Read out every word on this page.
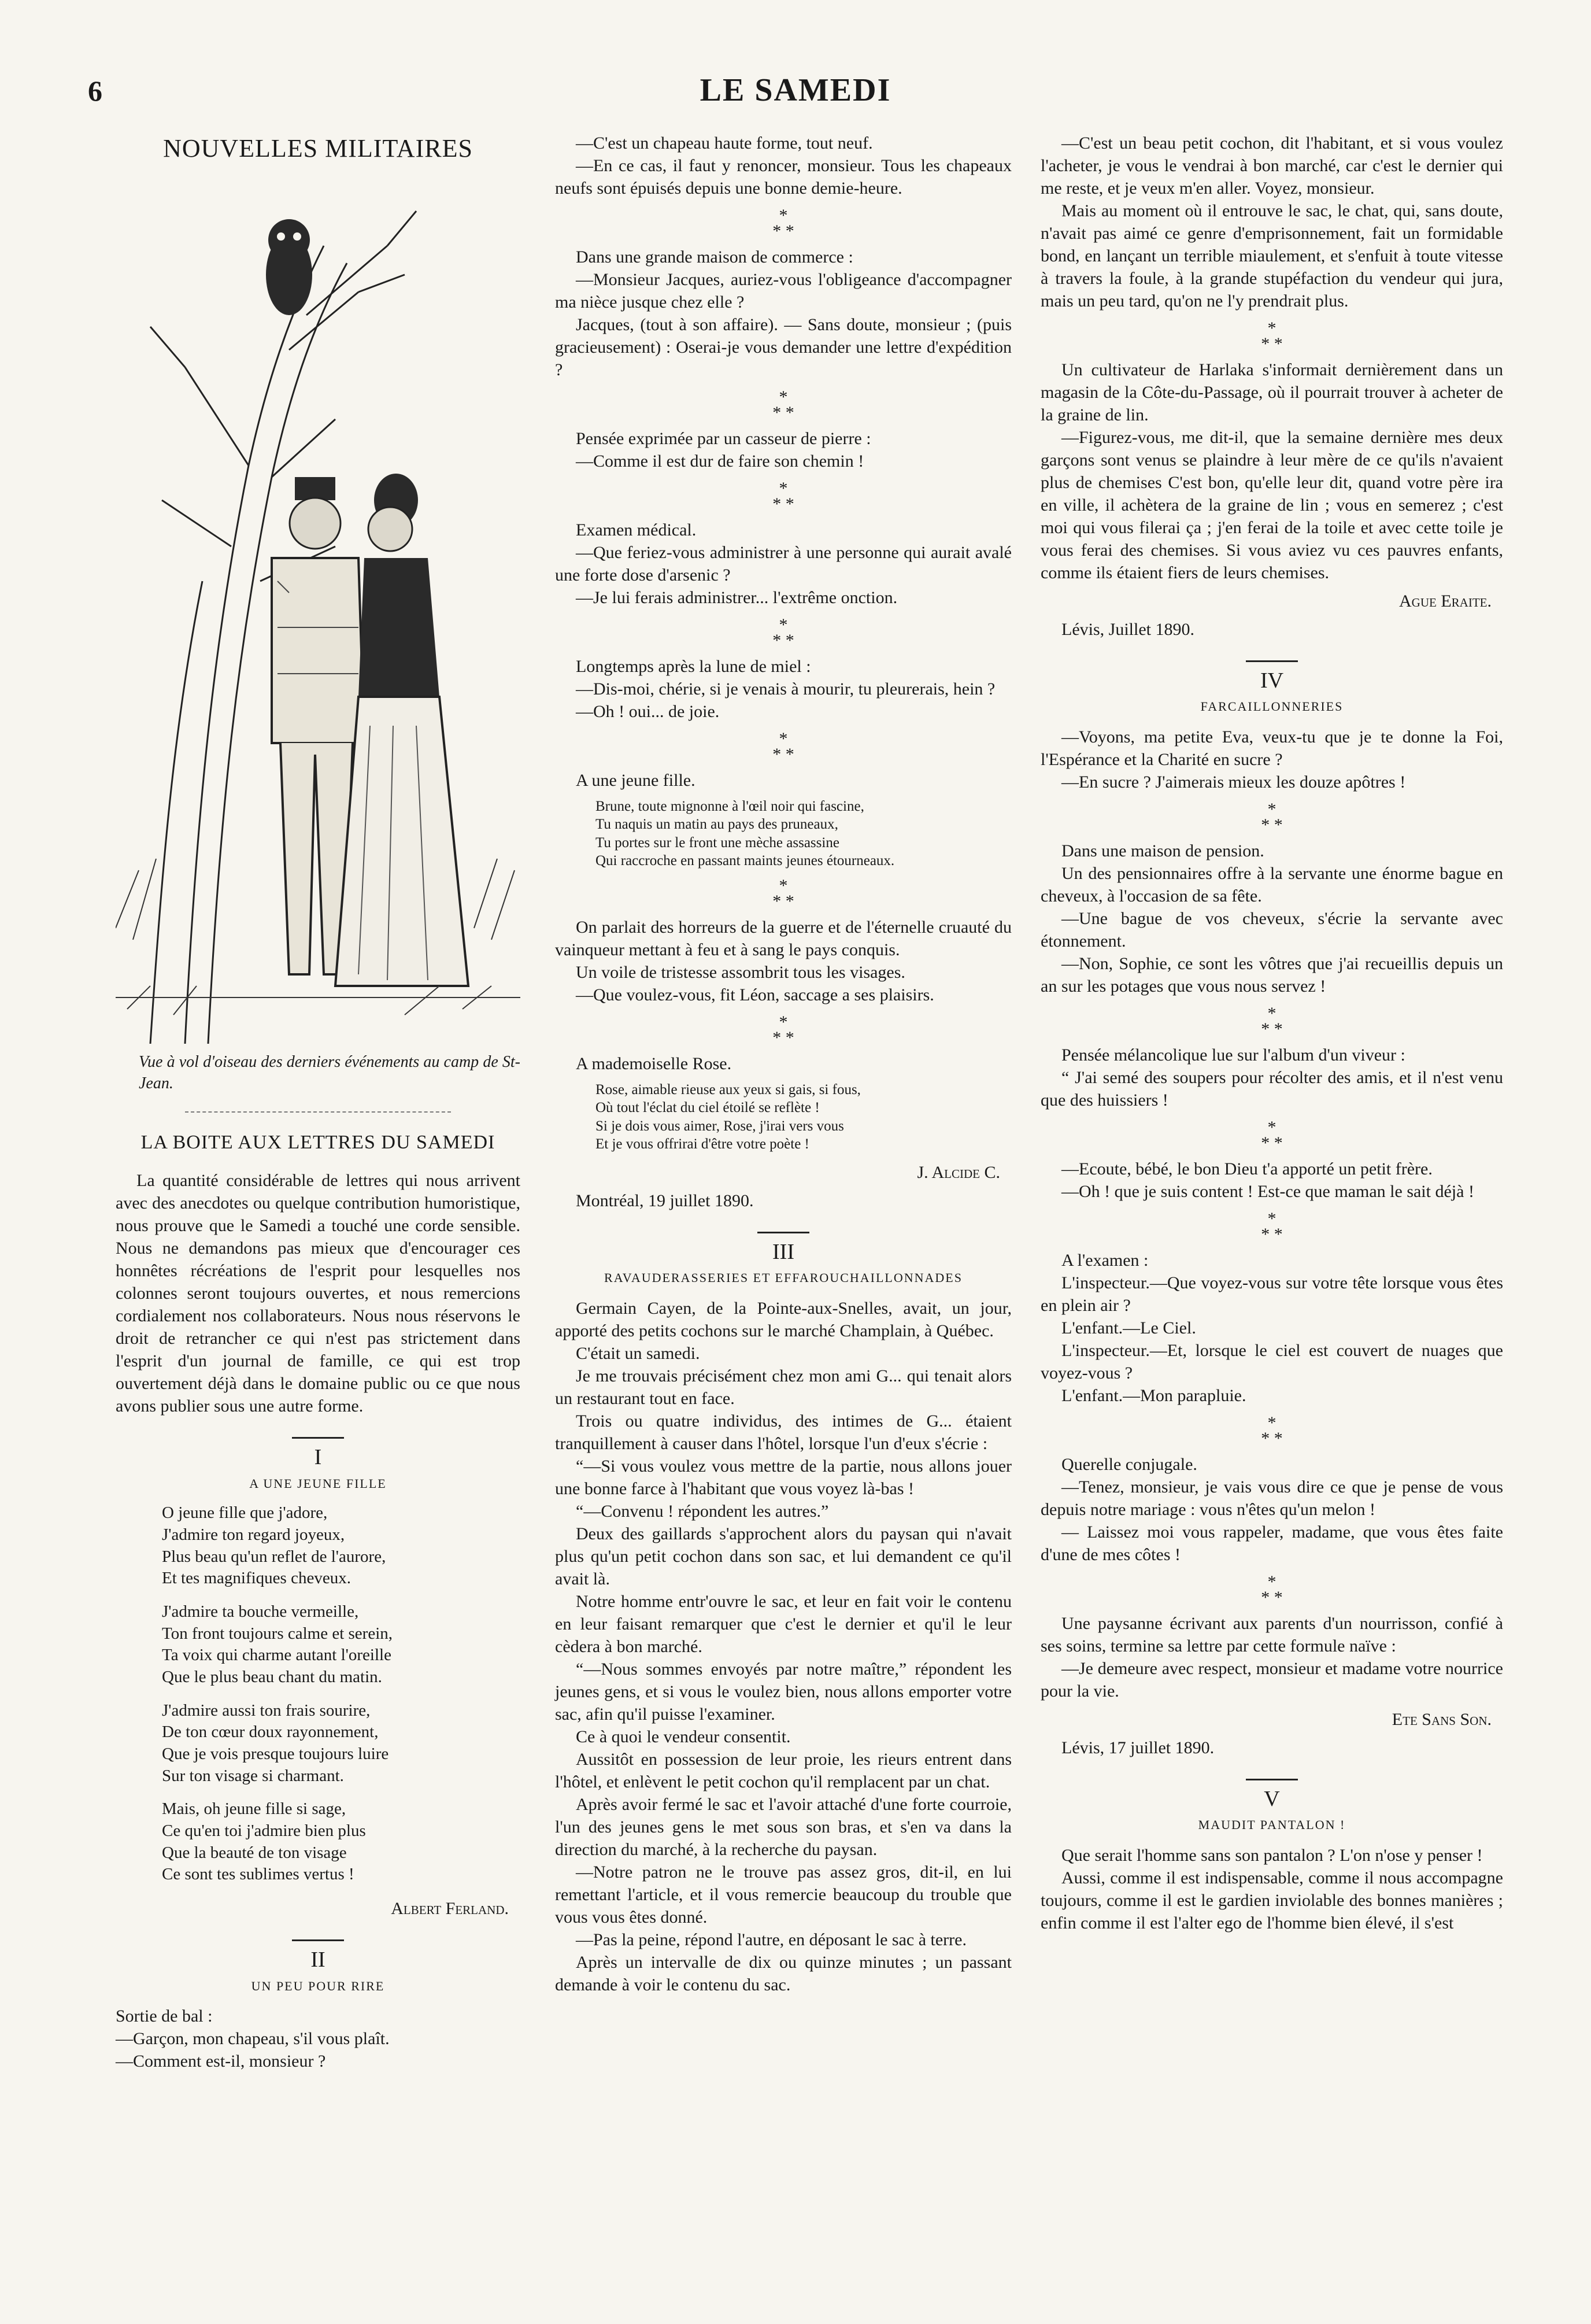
6	LE SAMEDI
NOUVELLES MILITAIRES
Vue à vol d'oiseau des derniers événements au camp de St-Jean.
LA BOITE AUX LETTRES DU SAMEDI

La quantité considérable de lettres qui nous arrivent avec des anecdotes ou quelque contribution humoristique, nous prouve que le Samedi a touché une corde sensible. Nous ne demandons pas mieux que d'encourager ces honnêtes récréations de l'esprit pour lesquelles nos colonnes seront toujours ouvertes, et nous remercions cordialement nos collaborateurs. Nous nous réservons le droit de retrancher ce qui n'est pas strictement dans l'esprit d'un journal de famille, ce qui est trop ouvertement déjà dans le domaine public ou ce que nous avons publier sous une autre forme.

I
A UNE JEUNE FILLE
O jeune fille que j'adore,
J'admire ton regard joyeux,
Plus beau qu'un reflet de l'aurore,
Et tes magnifiques cheveux.
J'admire ta bouche vermeille,
Ton front toujours calme et serein,
Ta voix qui charme autant l'oreille
Que le plus beau chant du matin.
J'admire aussi ton frais sourire,
De ton cœur doux rayonnement,
Que je vois presque toujours luire
Sur ton visage si charmant.
Mais, oh jeune fille si sage,
Ce qu'en toi j'admire bien plus
Que la beauté de ton visage
Ce sont tes sublimes vertus !
Albert Ferland.
II
UN PEU POUR RIRE

Sortie de bal :

—Garçon, mon chapeau, s'il vous plaît.

—Comment est-il, monsieur ?

—C'est un chapeau haute forme, tout neuf.

—En ce cas, il faut y renoncer, monsieur. Tous les chapeaux neufs sont épuisés depuis une bonne demie-heure.

*
* *

Dans une grande maison de commerce :

—Monsieur Jacques, auriez-vous l'obligeance d'accompagner ma nièce jusque chez elle ?

Jacques, (tout à son affaire). — Sans doute, monsieur ; (puis gracieusement) : Oserai-je vous demander une lettre d'expédition ?

*
* *

Pensée exprimée par un casseur de pierre :

—Comme il est dur de faire son chemin !

*
* *

Examen médical.

—Que feriez-vous administrer à une personne qui aurait avalé une forte dose d'arsenic ?

—Je lui ferais administrer... l'extrême onction.

*
* *

Longtemps après la lune de miel :

—Dis-moi, chérie, si je venais à mourir, tu pleurerais, hein ?

—Oh ! oui... de joie.

*
* *

A une jeune fille.

Brune, toute mignonne à l'œil noir qui fascine,
Tu naquis un matin au pays des pruneaux,
Tu portes sur le front une mèche assassine
Qui raccroche en passant maints jeunes étourneaux.
*
* *

On parlait des horreurs de la guerre et de l'éternelle cruauté du vainqueur mettant à feu et à sang le pays conquis.

Un voile de tristesse assombrit tous les visages.

—Que voulez-vous, fit Léon, saccage a ses plaisirs.

*
* *

A mademoiselle Rose.

Rose, aimable rieuse aux yeux si gais, si fous,
Où tout l'éclat du ciel étoilé se reflète !
Si je dois vous aimer, Rose, j'irai vers vous
Et je vous offrirai d'être votre poète !
J. Alcide C.

Montréal, 19 juillet 1890.

III
RAVAUDERASSERIES ET EFFAROUCHAILLONNADES

Germain Cayen, de la Pointe-aux-Snelles, avait, un jour, apporté des petits cochons sur le marché Champlain, à Québec.

C'était un samedi.

Je me trouvais précisément chez mon ami G... qui tenait alors un restaurant tout en face.

Trois ou quatre individus, des intimes de G... étaient tranquillement à causer dans l'hôtel, lorsque l'un d'eux s'écrie :

“—Si vous voulez vous mettre de la partie, nous allons jouer une bonne farce à l'habitant que vous voyez là-bas !

“—Convenu ! répondent les autres.”

Deux des gaillards s'approchent alors du paysan qui n'avait plus qu'un petit cochon dans son sac, et lui demandent ce qu'il avait là.

Notre homme entr'ouvre le sac, et leur en fait voir le contenu en leur faisant remarquer que c'est le dernier et qu'il le leur cèdera à bon marché.

“—Nous sommes envoyés par notre maître,” répondent les jeunes gens, et si vous le voulez bien, nous allons emporter votre sac, afin qu'il puisse l'examiner.

Ce à quoi le vendeur consentit.

Aussitôt en possession de leur proie, les rieurs entrent dans l'hôtel, et enlèvent le petit cochon qu'il remplacent par un chat.

Après avoir fermé le sac et l'avoir attaché d'une forte courroie, l'un des jeunes gens le met sous son bras, et s'en va dans la direction du marché, à la recherche du paysan.

—Notre patron ne le trouve pas assez gros, dit-il, en lui remettant l'article, et il vous remercie beaucoup du trouble que vous vous êtes donné.

—Pas la peine, répond l'autre, en déposant le sac à terre.

Après un intervalle de dix ou quinze minutes ; un passant demande à voir le contenu du sac.

—C'est un beau petit cochon, dit l'habitant, et si vous voulez l'acheter, je vous le vendrai à bon marché, car c'est le dernier qui me reste, et je veux m'en aller. Voyez, monsieur.

Mais au moment où il entrouve le sac, le chat, qui, sans doute, n'avait pas aimé ce genre d'emprisonnement, fait un formidable bond, en lançant un terrible miaulement, et s'enfuit à toute vitesse à travers la foule, à la grande stupéfaction du vendeur qui jura, mais un peu tard, qu'on ne l'y prendrait plus.

*
* *

Un cultivateur de Harlaka s'informait dernièrement dans un magasin de la Côte-du-Passage, où il pourrait trouver à acheter de la graine de lin.

—Figurez-vous, me dit-il, que la semaine dernière mes deux garçons sont venus se plaindre à leur mère de ce qu'ils n'avaient plus de chemises C'est bon, qu'elle leur dit, quand votre père ira en ville, il achètera de la graine de lin ; vous en semerez ; c'est moi qui vous filerai ça ; j'en ferai de la toile et avec cette toile je vous ferai des chemises. Si vous aviez vu ces pauvres enfants, comme ils étaient fiers de leurs chemises.

Ague Eraite.

Lévis, Juillet 1890.

IV
FARCAILLONNERIES

—Voyons, ma petite Eva, veux-tu que je te donne la Foi, l'Espérance et la Charité en sucre ?

—En sucre ? J'aimerais mieux les douze apôtres !

*
* *

Dans une maison de pension.

Un des pensionnaires offre à la servante une énorme bague en cheveux, à l'occasion de sa fête.

—Une bague de vos cheveux, s'écrie la servante avec étonnement.

—Non, Sophie, ce sont les vôtres que j'ai recueillis depuis un an sur les potages que vous nous servez !

*
* *

Pensée mélancolique lue sur l'album d'un viveur :

“ J'ai semé des soupers pour récolter des amis, et il n'est venu que des huissiers !

*
* *

—Ecoute, bébé, le bon Dieu t'a apporté un petit frère.

—Oh ! que je suis content ! Est-ce que maman le sait déjà !

*
* *

A l'examen :

L'inspecteur.—Que voyez-vous sur votre tête lorsque vous êtes en plein air ?

L'enfant.—Le Ciel.

L'inspecteur.—Et, lorsque le ciel est couvert de nuages que voyez-vous ?

L'enfant.—Mon parapluie.

*
* *

Querelle conjugale.

—Tenez, monsieur, je vais vous dire ce que je pense de vous depuis notre mariage : vous n'êtes qu'un melon !

— Laissez moi vous rappeler, madame, que vous êtes faite d'une de mes côtes !

*
* *

Une paysanne écrivant aux parents d'un nourrisson, confié à ses soins, termine sa lettre par cette formule naïve :

—Je demeure avec respect, monsieur et madame votre nourrice pour la vie.

Ete Sans Son.

Lévis, 17 juillet 1890.

V
MAUDIT PANTALON !

Que serait l'homme sans son pantalon ? L'on n'ose y penser !

Aussi, comme il est indispensable, comme il nous accompagne toujours, comme il est le gardien inviolable des bonnes manières ; enfin comme il est l'alter ego de l'homme bien élevé, il s'est
